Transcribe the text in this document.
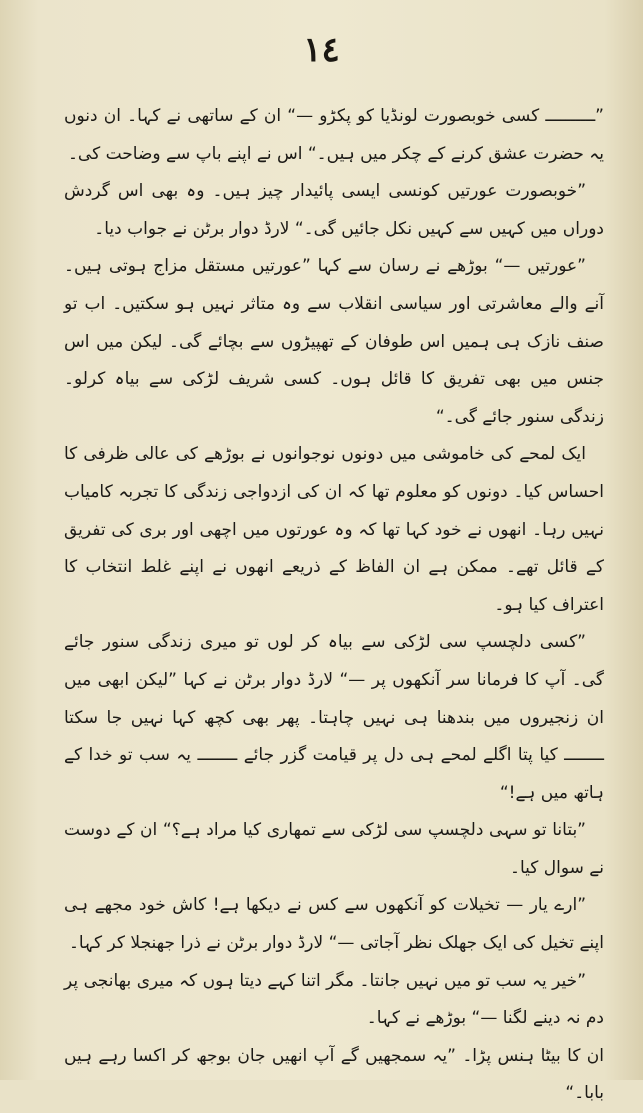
١٤

”ــــــــــ کسی خوبصورت لونڈیا کو پکڑو —“ ان کے ساتھی نے کہا۔ ان دنوں یہ حضرت عشق کرنے کے چکر میں ہیں۔“ اس نے اپنے باپ سے وضاحت کی۔

”خوبصورت عورتیں کونسی ایسی پائیدار چیز ہیں۔ وہ بھی اس گردش دوراں میں کہیں سے کہیں نکل جائیں گی۔“ لارڈ دوار برٹن نے جواب دیا۔

”عورتیں —“ بوڑھے نے رسان سے کہا ”عورتیں مستقل مزاج ہوتی ہیں۔ آنے والے معاشرتی اور سیاسی انقلاب سے وہ متاثر نہیں ہو سکتیں۔ اب تو صنف نازک ہی ہمیں اس طوفان کے تھپیڑوں سے بچائے گی۔ لیکن میں اس جنس میں بھی تفریق کا قائل ہوں۔ کسی شریف لڑکی سے بیاہ کرلو۔ زندگی سنور جائے گی۔“

ایک لمحے کی خاموشی میں دونوں نوجوانوں نے بوڑھے کی عالی ظرفی کا احساس کیا۔ دونوں کو معلوم تھا کہ ان کی ازدواجی زندگی کا تجربہ کامیاب نہیں رہا۔ انھوں نے خود کہا تھا کہ وہ عورتوں میں اچھی اور بری کی تفریق کے قائل تھے۔ ممکن ہے ان الفاظ کے ذریعے انھوں نے اپنے غلط انتخاب کا اعتراف کیا ہو۔

”کسی دلچسپ سی لڑکی سے بیاہ کر لوں تو میری زندگی سنور جائے گی۔ آپ کا فرمانا سر آنکھوں پر —“ لارڈ دوار برٹن نے کہا ”لیکن ابھی میں ان زنجیروں میں بندھنا ہی نہیں چاہتا۔ پھر بھی کچھ کہا نہیں جا سکتا ــــــــ کیا پتا اگلے لمحے ہی دل پر قیامت گزر جائے ــــــــ یہ سب تو خدا کے ہاتھ میں ہے!“

”بتانا تو سہی دلچسپ سی لڑکی سے تمھاری کیا مراد ہے؟“ ان کے دوست نے سوال کیا۔

”ارے یار — تخیلات کو آنکھوں سے کس نے دیکھا ہے! کاش خود مجھے ہی اپنے تخیل کی ایک جھلک نظر آجاتی —“ لارڈ دوار برٹن نے ذرا جھنجلا کر کہا۔

”خیر یہ سب تو میں نہیں جانتا۔ مگر اتنا کہے دیتا ہوں کہ میری بھانجی پر دم نہ دینے لگنا —“ بوڑھے نے کہا۔

ان کا بیٹا ہنس پڑا۔ ”یہ سمجھیں گے آپ انھیں جان بوجھ کر اکسا رہے ہیں بابا۔“
